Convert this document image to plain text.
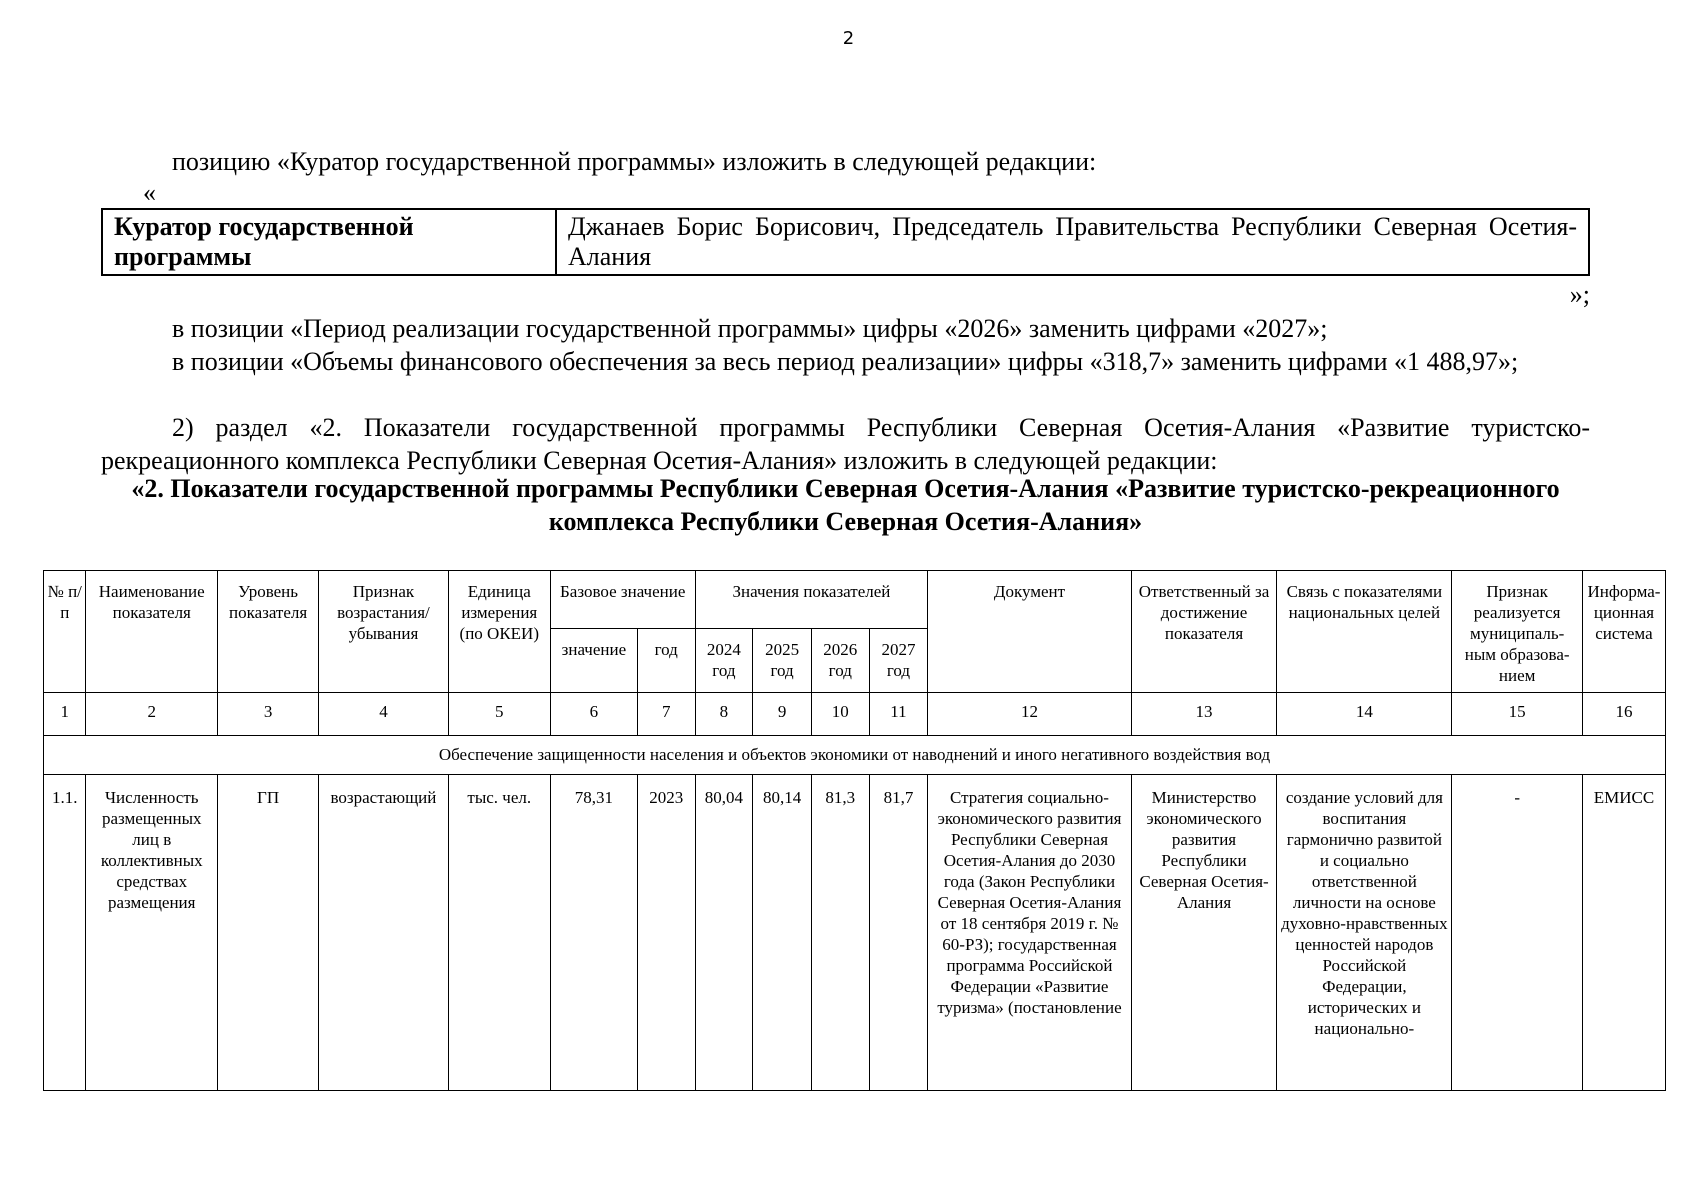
2

позицию «Куратор государственной программы» изложить в следующей редакции:

«
Куратор государственной программы	Джанаев Борис Борисович, Председатель Правительства Республики Северная Осетия-Алания
»;

в позиции «Период реализации государственной программы» цифры «2026» заменить цифрами «2027»;

в позиции «Объемы финансового обеспечения за весь период реализации» цифры «318,7» заменить цифрами «1 488,97»;

2) раздел «2. Показатели государственной программы Республики Северная Осетия-Алания «Развитие туристско-рекреационного комплекса Республики Северная Осетия-Алания» изложить в следующей редакции:

«2. Показатели государственной программы Республики Северная Осетия-Алания «Развитие туристско-рекреационного комплекса Республики Северная Осетия-Алания»

№ п/п	Наименование показателя	Уровень показателя	Признак возрастания/ убывания	Единица измерения (по ОКЕИ)	Базовое значение		Значения показателей				Документ	Ответственный за достижение показателя	Связь с показателями национальных целей	Признак реализуется муниципаль-ным образова-нием	Информа-ционная система
					значение	год	2024 год	2025 год	2026 год	2027 год					
1	2	3	4	5	6	7	8	9	10	11	12	13	14	15	16
Обеспечение защищенности населения и объектов экономики от наводнений и иного негативного воздействия вод															
1.1.	Численность размещенных лиц в коллективных средствах размещения	ГП	возрастающий	тыс. чел.	78,31	2023	80,04	80,14	81,3	81,7	Стратегия социально-экономического развития Республики Северная Осетия-Алания до 2030 года (Закон Республики Северная Осетия-Алания от 18 сентября 2019 г. № 60-РЗ); государственная программа Российской Федерации «Развитие туризма» (постановление	Министерство экономического развития Республики Северная Осетия-Алания	создание условий для воспитания гармонично развитой и социально ответственной личности на основе духовно-нравственных ценностей народов Российской Федерации, исторических и национально-	-	ЕМИСС
